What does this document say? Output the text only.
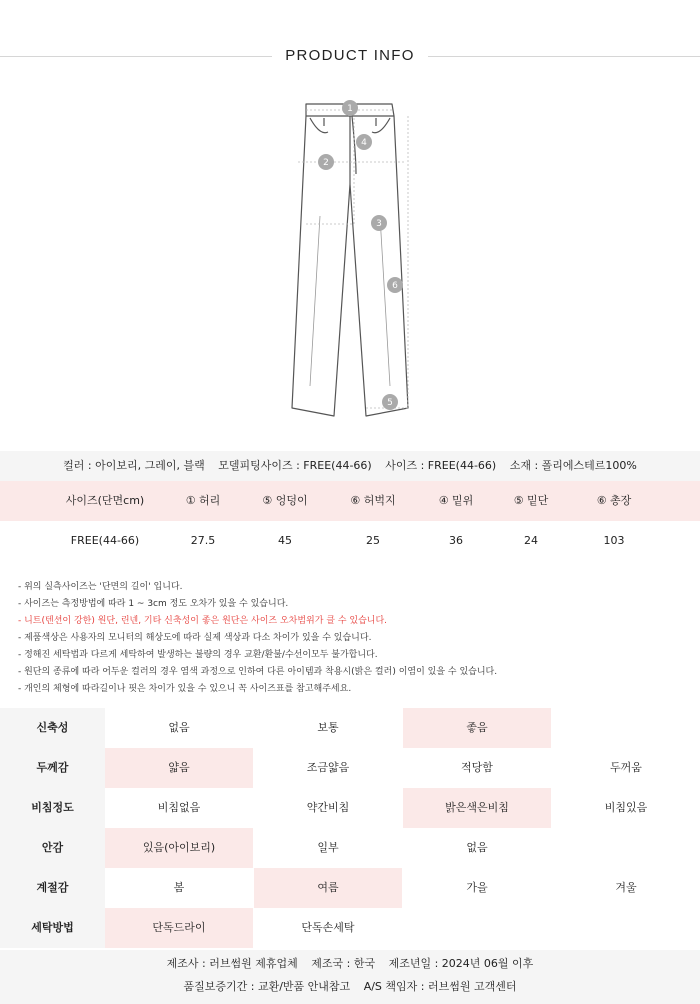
PRODUCT INFO
1
2
3
4
5
6
컬러 : 아이보리, 그레이, 블랙 모델피팅사이즈 : FREE(44-66) 사이즈 : FREE(44-66) 소재 : 폴리에스테르100%
사이즈(단면cm)	① 허리	⑤ 엉덩이	⑥ 허벅지	④ 밑위	⑤ 밑단	⑥ 총장
FREE(44-66)	27.5	45	25	36	24	103
- 위의 실측사이즈는 '단면의 길이' 입니다.
- 사이즈는 측정방법에 따라 1 ~ 3cm 정도 오차가 있을 수 있습니다.
- 니트(텐션이 강한) 원단, 린넨, 기타 신축성이 좋은 원단은 사이즈 오차범위가 클 수 있습니다.
- 제품색상은 사용자의 모니터의 해상도에 따라 실제 색상과 다소 차이가 있을 수 있습니다.
- 정해진 세탁법과 다르게 세탁하여 발생하는 불량의 경우 교환/환불/수선이모두 불가합니다.
- 원단의 종류에 따라 어두운 컬러의 경우 염색 과정으로 인하여 다른 아이템과 착용시(밝은 컬러) 이염이 있을 수 있습니다.
- 개인의 체형에 따라길이나 핏은 차이가 있을 수 있으니 꼭 사이즈표를 참고해주세요.
신축성	없음	보통	좋음
두께감	얇음	조금얇음	적당함	두꺼움
비침정도	비침없음	약간비침	밝은색은비침	비침있음
안감	있음(아이보리)	일부	없음
계절감	봄	여름	가을	겨울
세탁방법	단독드라이	단독손세탁
제조사 : 러브썸원 제휴업체 제조국 : 한국 제조년일 : 2024년 06월 이후
품질보증기간 : 교환/반품 안내참고 A/S 책임자 : 러브썸원 고객센터
